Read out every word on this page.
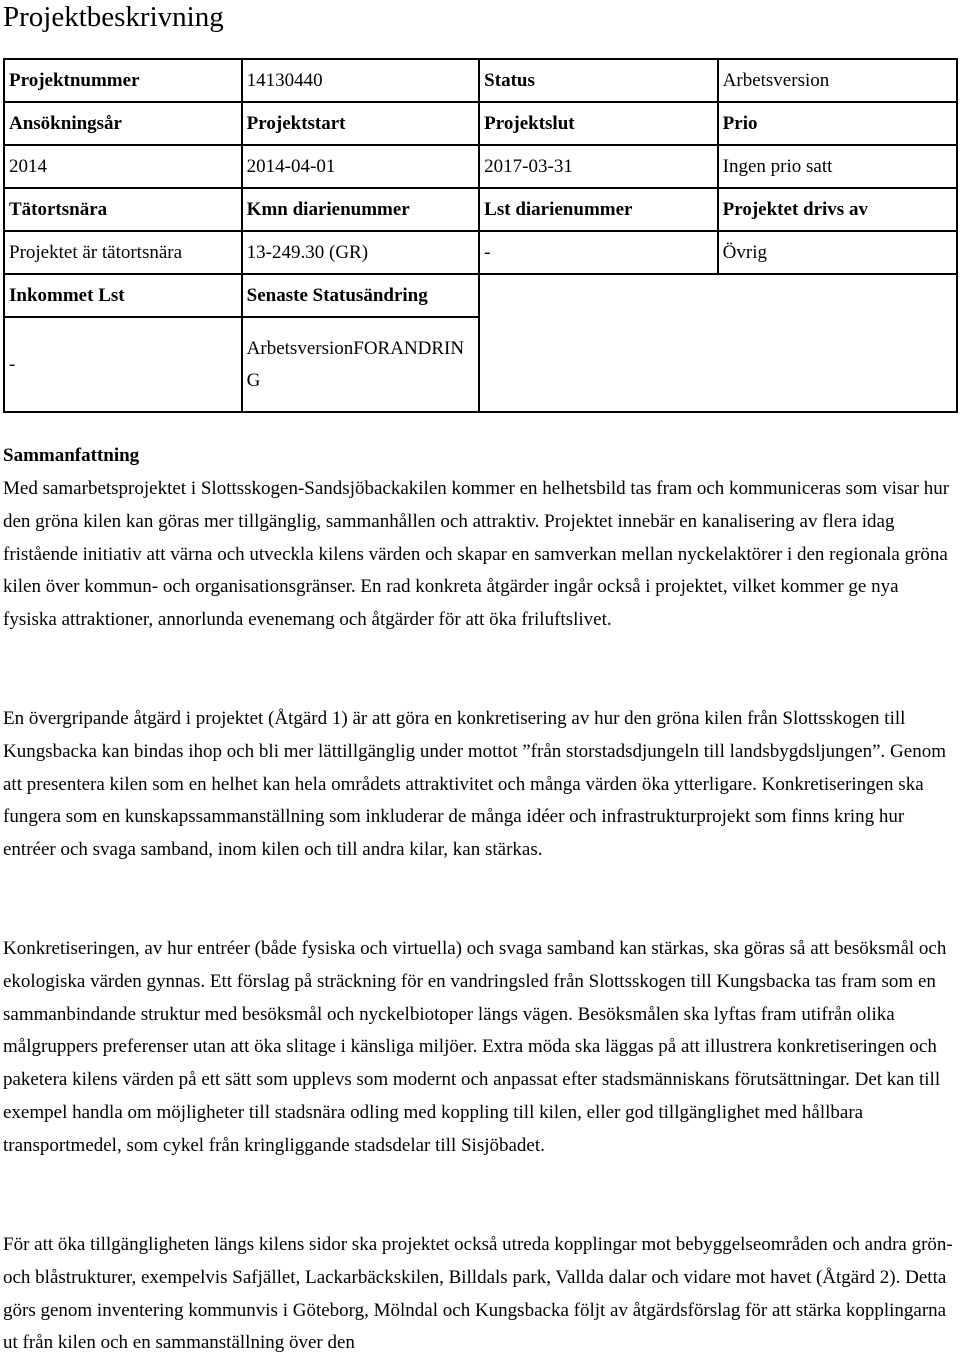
Projektbeskrivning
Projektnummer	14130440	Status	Arbetsversion
Ansökningsår	Projektstart	Projektslut	Prio
2014	2014-04-01	2017-03-31	Ingen prio satt
Tätortsnära	Kmn diarienummer	Lst diarienummer	Projektet drivs av
Projektet är tätortsnära	13-249.30 (GR)	-	Övrig
Inkommet Lst	Senaste Statusändring		
-	ArbetsversionFORANDRING		
Sammanfattning

Med samarbetsprojektet i Slottsskogen-Sandsjöbackakilen kommer en helhetsbild tas fram och kommuniceras som visar hur den gröna kilen kan göras mer tillgänglig, sammanhållen och attraktiv. Projektet innebär en kanalisering av flera idag fristående initiativ att värna och utveckla kilens värden och skapar en samverkan mellan nyckelaktörer i den regionala gröna kilen över kommun- och organisationsgränser. En rad konkreta åtgärder ingår också i projektet, vilket kommer ge nya fysiska attraktioner, annorlunda evenemang och åtgärder för att öka friluftslivet.

En övergripande åtgärd i projektet (Åtgärd 1) är att göra en konkretisering av hur den gröna kilen från Slottsskogen till Kungsbacka kan bindas ihop och bli mer lättillgänglig under mottot ”från storstadsdjungeln till landsbygdsljungen”. Genom att presentera kilen som en helhet kan hela områdets attraktivitet och många värden öka ytterligare. Konkretiseringen ska fungera som en kunskapssammanställning som inkluderar de många idéer och infrastrukturprojekt som finns kring hur entréer och svaga samband, inom kilen och till andra kilar, kan stärkas.

Konkretiseringen, av hur entréer (både fysiska och virtuella) och svaga samband kan stärkas, ska göras så att besöksmål och ekologiska värden gynnas. Ett förslag på sträckning för en vandringsled från Slottsskogen till Kungsbacka tas fram som en sammanbindande struktur med besöksmål och nyckelbiotoper längs vägen. Besöksmålen ska lyftas fram utifrån olika målgruppers preferenser utan att öka slitage i känsliga miljöer. Extra möda ska läggas på att illustrera konkretiseringen och paketera kilens värden på ett sätt som upplevs som modernt och anpassat efter stadsmänniskans förutsättningar. Det kan till exempel handla om möjligheter till stadsnära odling med koppling till kilen, eller god tillgänglighet med hållbara transportmedel, som cykel från kringliggande stadsdelar till Sisjöbadet.

För att öka tillgängligheten längs kilens sidor ska projektet också utreda kopplingar mot bebyggelseområden och andra grön- och blåstrukturer, exempelvis Safjället, Lackarbäckskilen, Billdals park, Vallda dalar och vidare mot havet (Åtgärd 2). Detta görs genom inventering kommunvis i Göteborg, Mölndal och Kungsbacka följt av åtgärdsförslag för att stärka kopplingarna ut från kilen och en sammanställning över den
